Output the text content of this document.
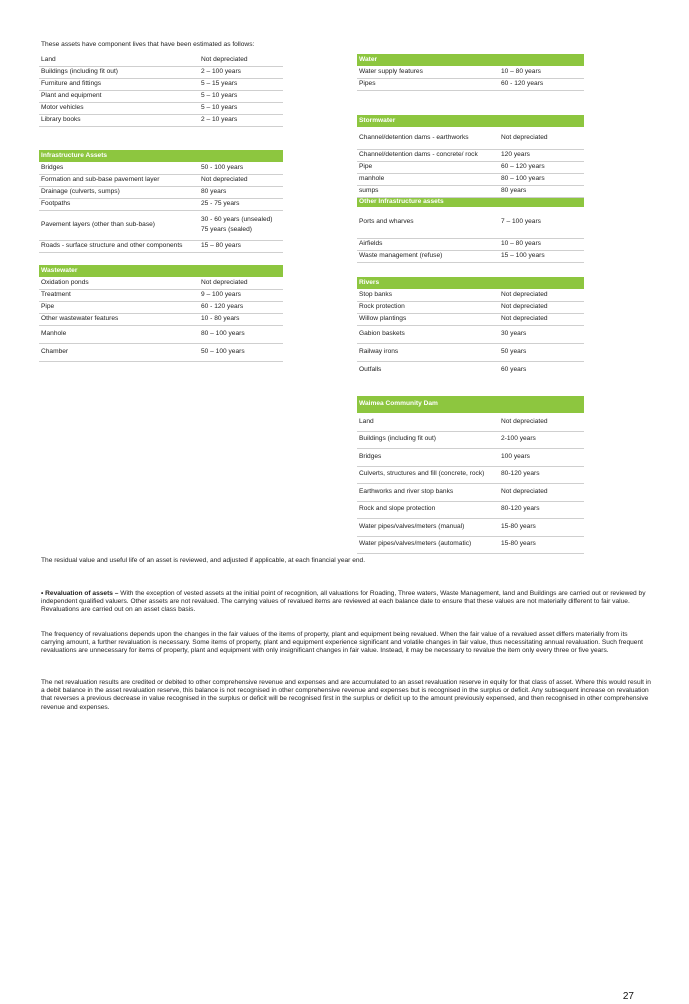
These assets have component lives that have been estimated as follows:
Land	Not depreciated
Buildings (including fit out)	2 – 100 years
Furniture and fittings	5 – 15 years
Plant and equipment	5 – 10 years
Motor vehicles	5 – 10 years
Library books	2 – 10 years
Infrastructure Assets	
Bridges	50 - 100 years
Formation and sub-base pavement layer	Not depreciated
Drainage (culverts, sumps)	80 years
Footpaths	25 - 75 years
Pavement layers (other than sub-base)	30 - 60 years (unsealed)
75 years (sealed)

Roads - surface structure and other components	15 – 80 years
Wastewater	
Oxidation ponds	Not depreciated
Treatment	9 – 100 years
Pipe	60 - 120 years
Other wastewater features	10 - 80 years
Manhole	80 – 100 years
Chamber	50 – 100 years
Water	
Water supply features	10 – 80 years
Pipes	60 - 120 years
Stormwater	
Channel/detention dams - earthworks	Not depreciated
Channel/detention dams - concrete/ rock	120 years
Pipe	60 – 120 years
manhole	80 – 100 years
sumps	80 years
Other Infrastructure assets	
Ports and wharves	7 – 100 years
Airfields	10 – 80 years
Waste management (refuse)	15 – 100 years
Rivers	
Stop banks	Not depreciated
Rock protection	Not depreciated
Willow plantings	Not depreciated
Gabion baskets	30 years
Railway irons	50 years
Outfalls	60 years
Waimea Community Dam	
Land	Not depreciated
Buildings (including fit out)	2-100 years
Bridges	100 years
Culverts, structures and fill (concrete, rock)	80-120 years
Earthworks and river stop banks	Not depreciated
Rock and slope protection	80-120 years
Water pipes/valves/meters (manual)	15-80 years
Water pipes/valves/meters (automatic)	15-80 years
The residual value and useful life of an asset is reviewed, and adjusted if applicable, at each financial year end.
• Revaluation of assets – With the exception of vested assets at the initial point of recognition, all valuations for Roading, Three waters, Waste Management, land and Buildings are carried out or reviewed by independent qualified valuers. Other assets are not revalued. The carrying values of revalued items are reviewed at each balance date to ensure that these values are not materially different to fair value. Revaluations are carried out on an asset class basis.
The frequency of revaluations depends upon the changes in the fair values of the items of property, plant and equipment being revalued. When the fair value of a revalued asset differs materially from its carrying amount, a further revaluation is necessary. Some items of property, plant and equipment experience significant and volatile changes in fair value, thus necessitating annual revaluation. Such frequent revaluations are unnecessary for items of property, plant and equipment with only insignificant changes in fair value. Instead, it may be necessary to revalue the item only every three or five years.
The net revaluation results are credited or debited to other comprehensive revenue and expenses and are accumulated to an asset revaluation reserve in equity for that class of asset. Where this would result in a debit balance in the asset revaluation reserve, this balance is not recognised in other comprehensive revenue and expenses but is recognised in the surplus or deficit. Any subsequent increase on revaluation that reverses a previous decrease in value recognised in the surplus or deficit will be recognised first in the surplus or deficit up to the amount previously expensed, and then recognised in other comprehensive revenue and expenses.
27
